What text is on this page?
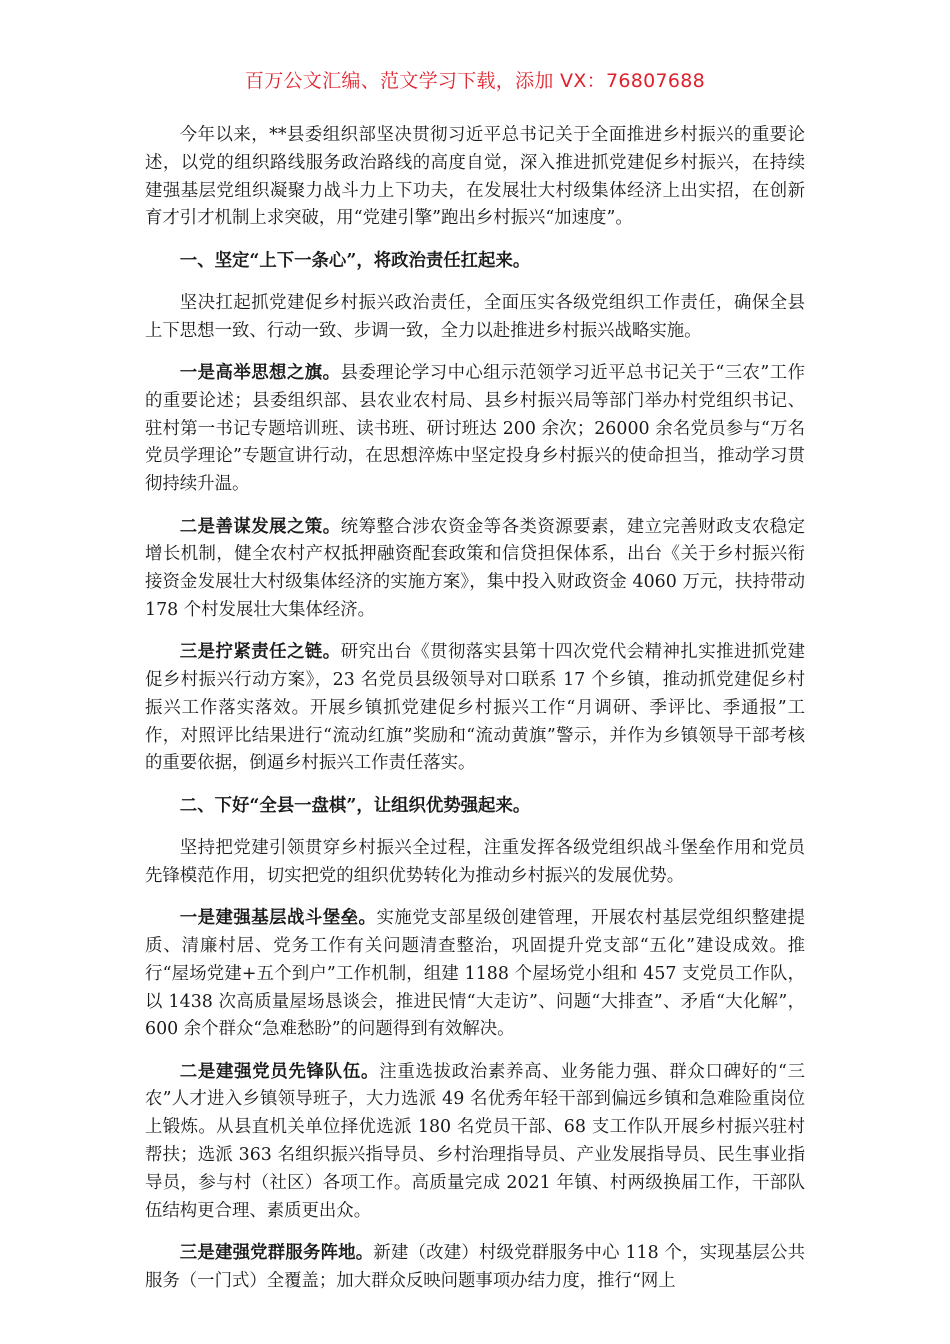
百万公文汇编、范文学习下载，添加 VX：76807688

今年以来，**县委组织部坚决贯彻习近平总书记关于全面推进乡村振兴的重要论述，以党的组织路线服务政治路线的高度自觉，深入推进抓党建促乡村振兴，在持续建强基层党组织凝聚力战斗力上下功夫，在发展壮大村级集体经济上出实招，在创新育才引才机制上求突破，用“党建引擎”跑出乡村振兴“加速度”。

一、坚定“上下一条心”，将政治责任扛起来。

坚决扛起抓党建促乡村振兴政治责任，全面压实各级党组织工作责任，确保全县上下思想一致、行动一致、步调一致，全力以赴推进乡村振兴战略实施。

一是高举思想之旗。县委理论学习中心组示范领学习近平总书记关于“三农”工作的重要论述；县委组织部、县农业农村局、县乡村振兴局等部门举办村党组织书记、驻村第一书记专题培训班、读书班、研讨班达 200 余次；26000 余名党员参与“万名党员学理论”专题宣讲行动，在思想淬炼中坚定投身乡村振兴的使命担当，推动学习贯彻持续升温。

二是善谋发展之策。统筹整合涉农资金等各类资源要素，建立完善财政支农稳定增长机制，健全农村产权抵押融资配套政策和信贷担保体系，出台《关于乡村振兴衔接资金发展壮大村级集体经济的实施方案》，集中投入财政资金 4060 万元，扶持带动 178 个村发展壮大集体经济。

三是拧紧责任之链。研究出台《贯彻落实县第十四次党代会精神扎实推进抓党建促乡村振兴行动方案》，23 名党员县级领导对口联系 17 个乡镇，推动抓党建促乡村振兴工作落实落效。开展乡镇抓党建促乡村振兴工作“月调研、季评比、季通报”工作，对照评比结果进行“流动红旗”奖励和“流动黄旗”警示，并作为乡镇领导干部考核的重要依据，倒逼乡村振兴工作责任落实。

二、下好“全县一盘棋”，让组织优势强起来。

坚持把党建引领贯穿乡村振兴全过程，注重发挥各级党组织战斗堡垒作用和党员先锋模范作用，切实把党的组织优势转化为推动乡村振兴的发展优势。

一是建强基层战斗堡垒。实施党支部星级创建管理，开展农村基层党组织整建提质、清廉村居、党务工作有关问题清查整治，巩固提升党支部“五化”建设成效。推行“屋场党建+五个到户”工作机制，组建 1188 个屋场党小组和 457 支党员工作队，以 1438 次高质量屋场恳谈会，推进民情“大走访”、问题“大排查”、矛盾“大化解”，600 余个群众“急难愁盼”的问题得到有效解决。

二是建强党员先锋队伍。注重选拔政治素养高、业务能力强、群众口碑好的“三农”人才进入乡镇领导班子，大力选派 49 名优秀年轻干部到偏远乡镇和急难险重岗位上锻炼。从县直机关单位择优选派 180 名党员干部、68 支工作队开展乡村振兴驻村帮扶；选派 363 名组织振兴指导员、乡村治理指导员、产业发展指导员、民生事业指导员，参与村（社区）各项工作。高质量完成 2021 年镇、村两级换届工作，干部队伍结构更合理、素质更出众。

三是建强党群服务阵地。新建（改建）村级党群服务中心 118 个，实现基层公共服务（一门式）全覆盖；加大群众反映问题事项办结力度，推行“网上
